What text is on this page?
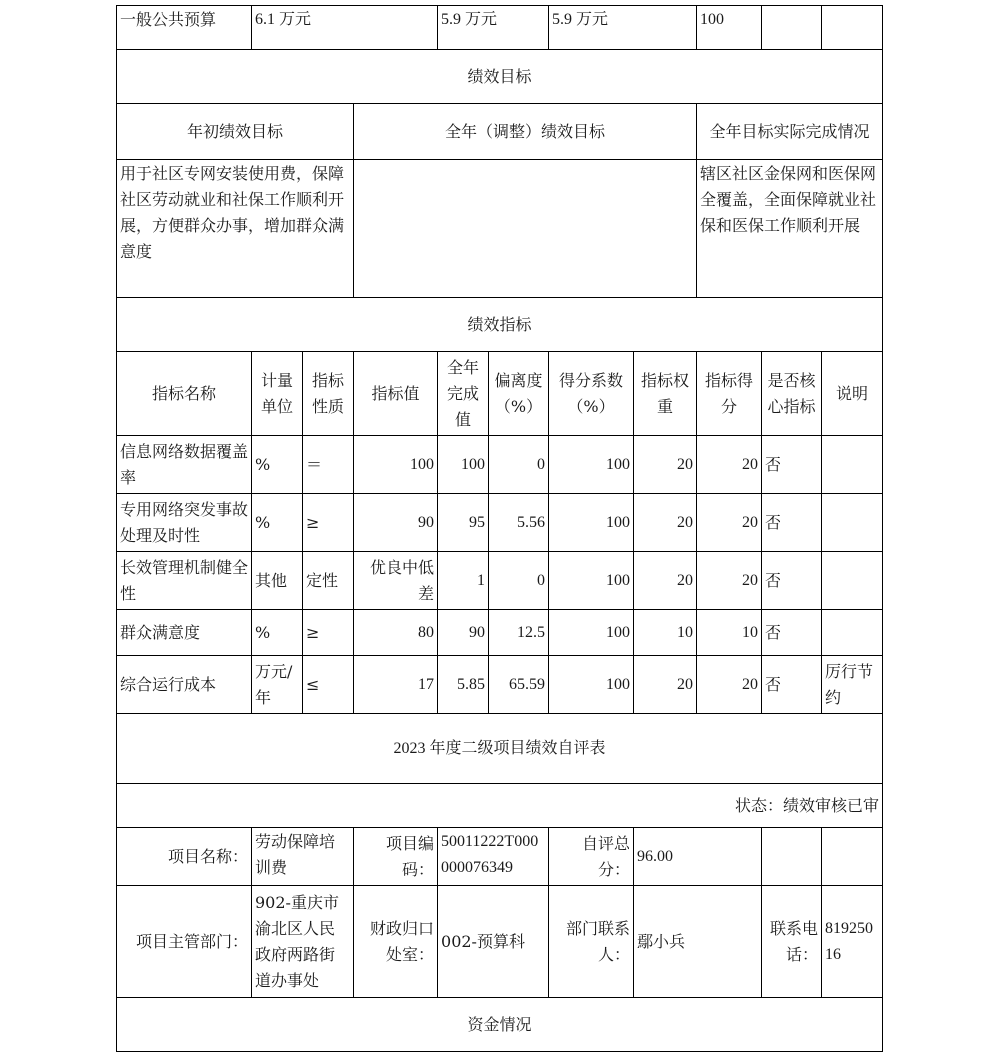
一般公共预算	6.1 万元			5.9 万元		5.9 万元		100		
绩效目标										
年初绩效目标			全年（调整）绩效目标					全年目标实际完成情况		
用于社区专网安装使用费，保障社区劳动就业和社保工作顺利开展，方便群众办事，增加群众满意度								辖区社区金保网和医保网全覆盖，全面保障就业社保和医保工作顺利开展		
绩效指标										
指标名称	计量单位	指标性质	指标值	全年完成值	偏离度（%）	得分系数（%）	指标权重	指标得分	是否核心指标	说明
信息网络数据覆盖率	%	＝	100	100	0	100	20	20	否	
专用网络突发事故处理及时性	%	≥	90	95	5.56	100	20	20	否	
长效管理机制健全性	其他	定性	优良中低差	1	0	100	20	20	否	
群众满意度	%	≥	80	90	12.5	100	10	10	否	
综合运行成本	万元/年	≤	17	5.85	65.59	100	20	20	否	厉行节约
2023 年度二级项目绩效自评表										
状态：绩效审核已审										
项目名称：	劳动保障培训费		项目编码：	50011222T000000076349		自评总分：	96.00			
项目主管部门：	902-重庆市渝北区人民政府两路街道办事处		财政归口处室：	002-预算科		部门联系人：	鄢小兵		联系电话：	81925016
资金情况										
